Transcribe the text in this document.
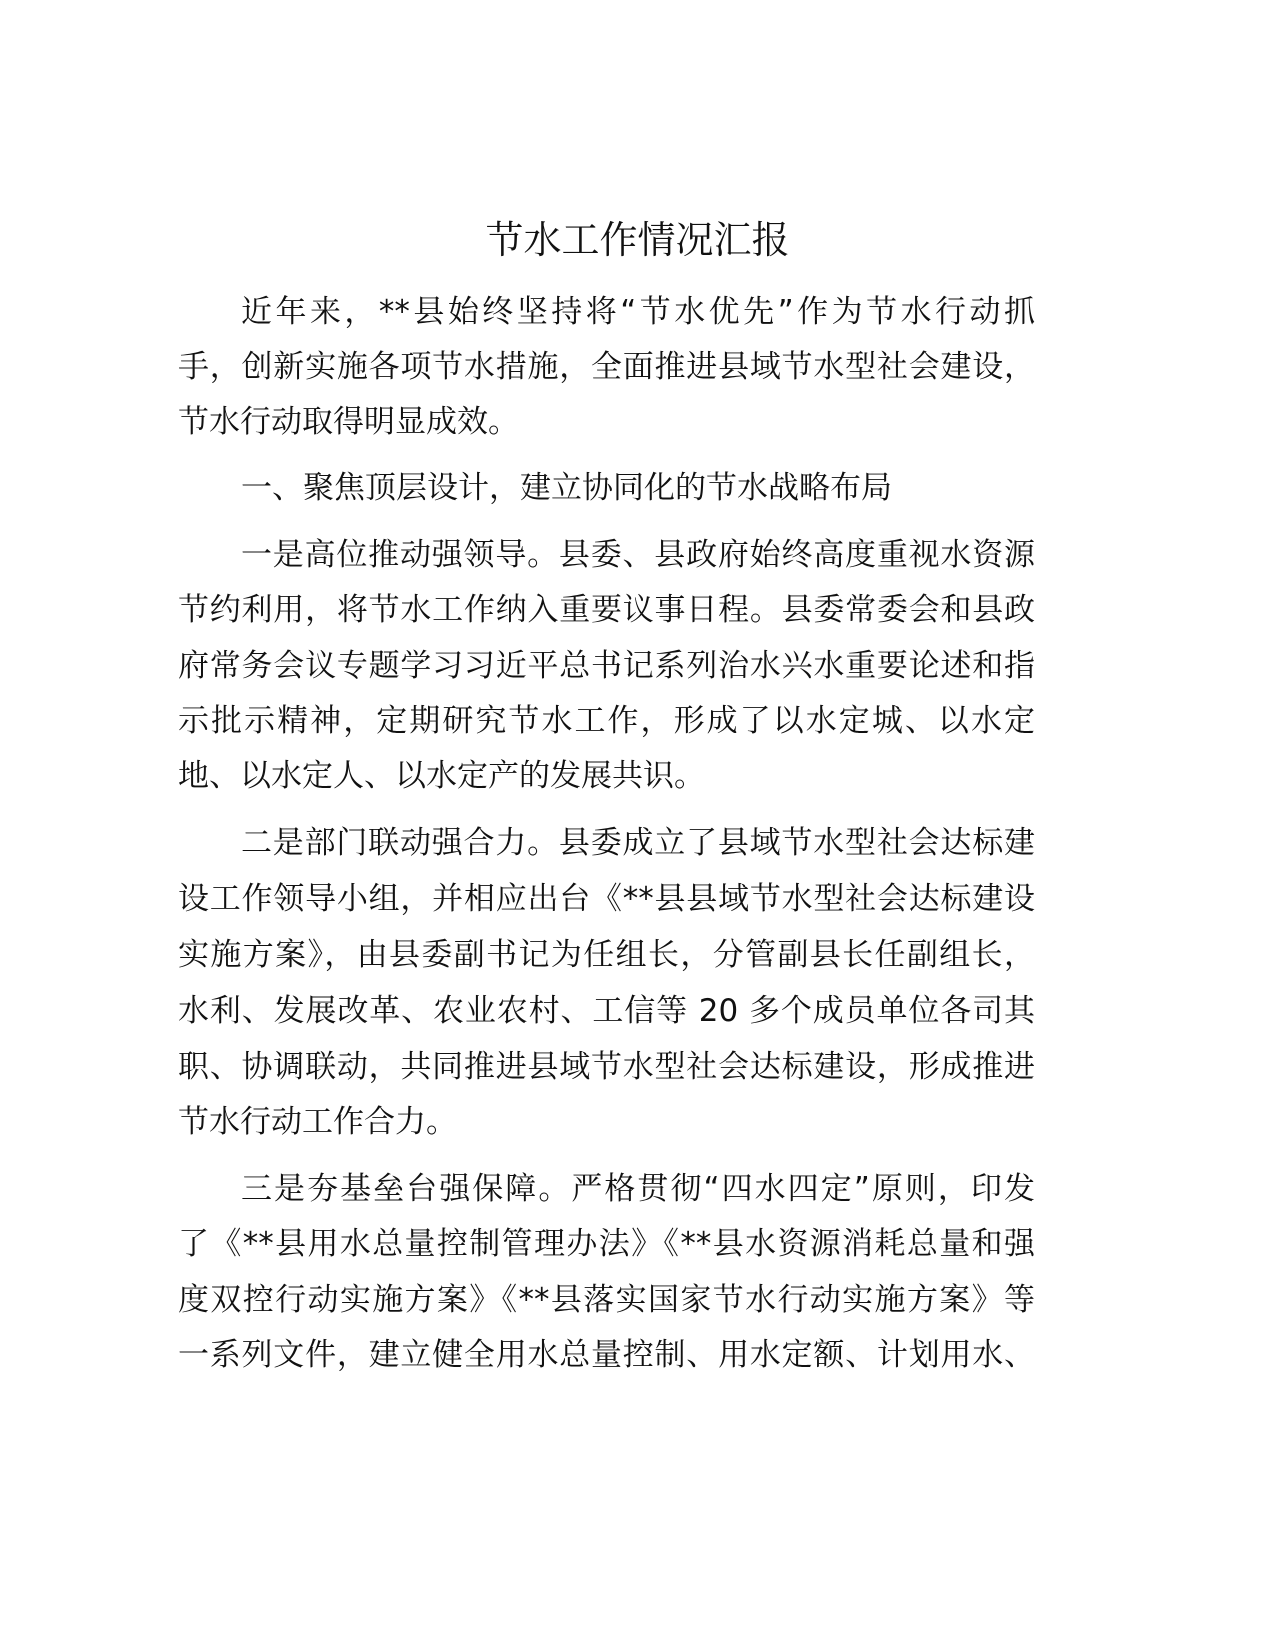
节水工作情况汇报
近年来，**县始终坚持将“节水优先”作为节水行动抓
手，创新实施各项节水措施，全面推进县域节水型社会建设，
节水行动取得明显成效。
一、聚焦顶层设计，建立协同化的节水战略布局
一是高位推动强领导。县委、县政府始终高度重视水资源
节约利用，将节水工作纳入重要议事日程。县委常委会和县政
府常务会议专题学习习近平总书记系列治水兴水重要论述和指
示批示精神，定期研究节水工作，形成了以水定城、以水定
地、以水定人、以水定产的发展共识。
二是部门联动强合力。县委成立了县域节水型社会达标建
设工作领导小组，并相应出台《**县县域节水型社会达标建设
实施方案》，由县委副书记为任组长，分管副县长任副组长，
水利、发展改革、农业农村、工信等 20 多个成员单位各司其
职、协调联动，共同推进县域节水型社会达标建设，形成推进
节水行动工作合力。
三是夯基垒台强保障。严格贯彻“四水四定”原则，印发
了《**县用水总量控制管理办法》《**县水资源消耗总量和强
度双控行动实施方案》《**县落实国家节水行动实施方案》等
一系列文件，建立健全用水总量控制、用水定额、计划用水、
